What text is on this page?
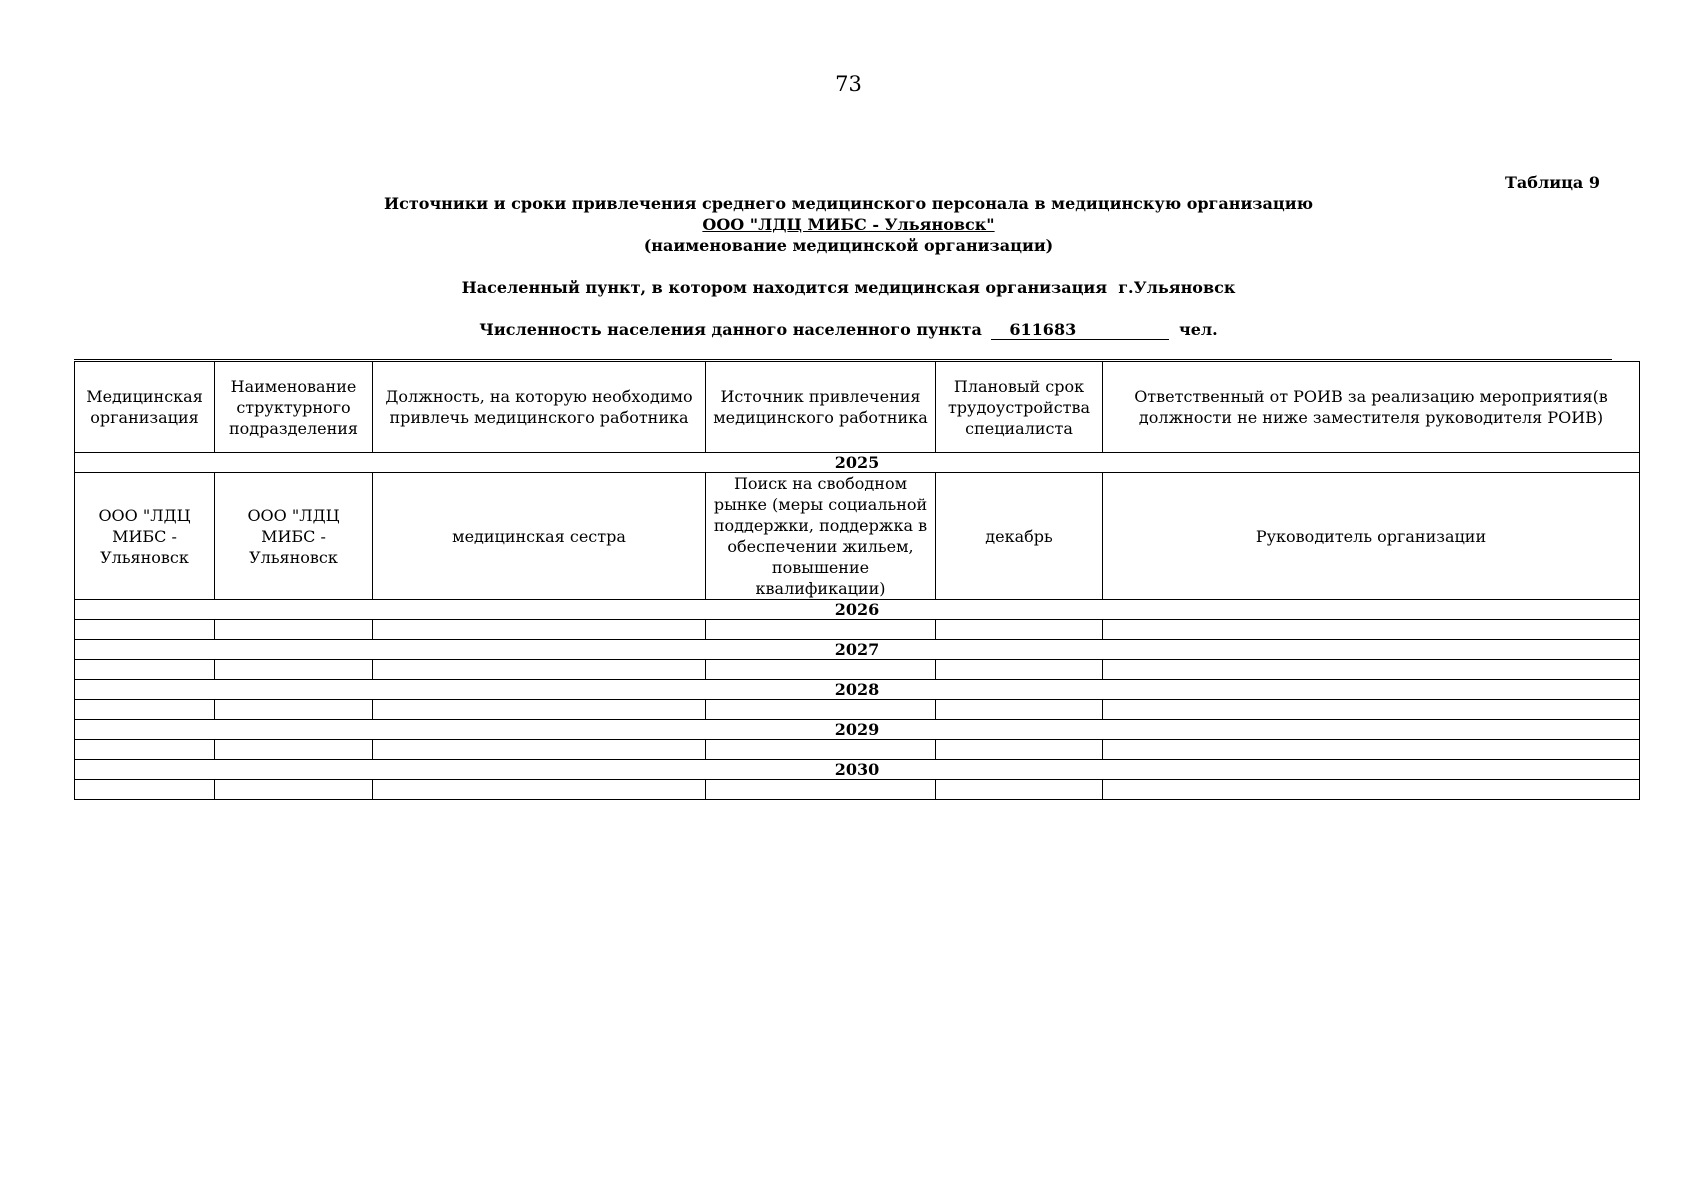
73
Таблица 9
Источники и сроки привлечения среднего медицинского персонала в медицинскую организацию
ООО "ЛДЦ МИБС - Ульяновск"
(наименование медицинской организации)
Населенный пункт, в котором находится медицинская организация г.Ульяновск
Численность населения данного населенного пункта 611683	чел.
Медицинская организация	Наименование структурного подразделения	Должность, на которую необходимо привлечь медицинского работника	Источник привлечения медицинского работника	Плановый срок трудоустройства специалиста	Ответственный от РОИВ за реализацию мероприятия(в должности не ниже заместителя руководителя РОИВ)
2025					
ООО "ЛДЦ МИБС - Ульяновск	ООО "ЛДЦ МИБС - Ульяновск	медицинская сестра	Поиск на свободном рынке (меры социальной поддержки, поддержка в обеспечении жильем, повышение квалификации)	декабрь	Руководитель организации
2026					

2027					

2028					

2029					

2030					
